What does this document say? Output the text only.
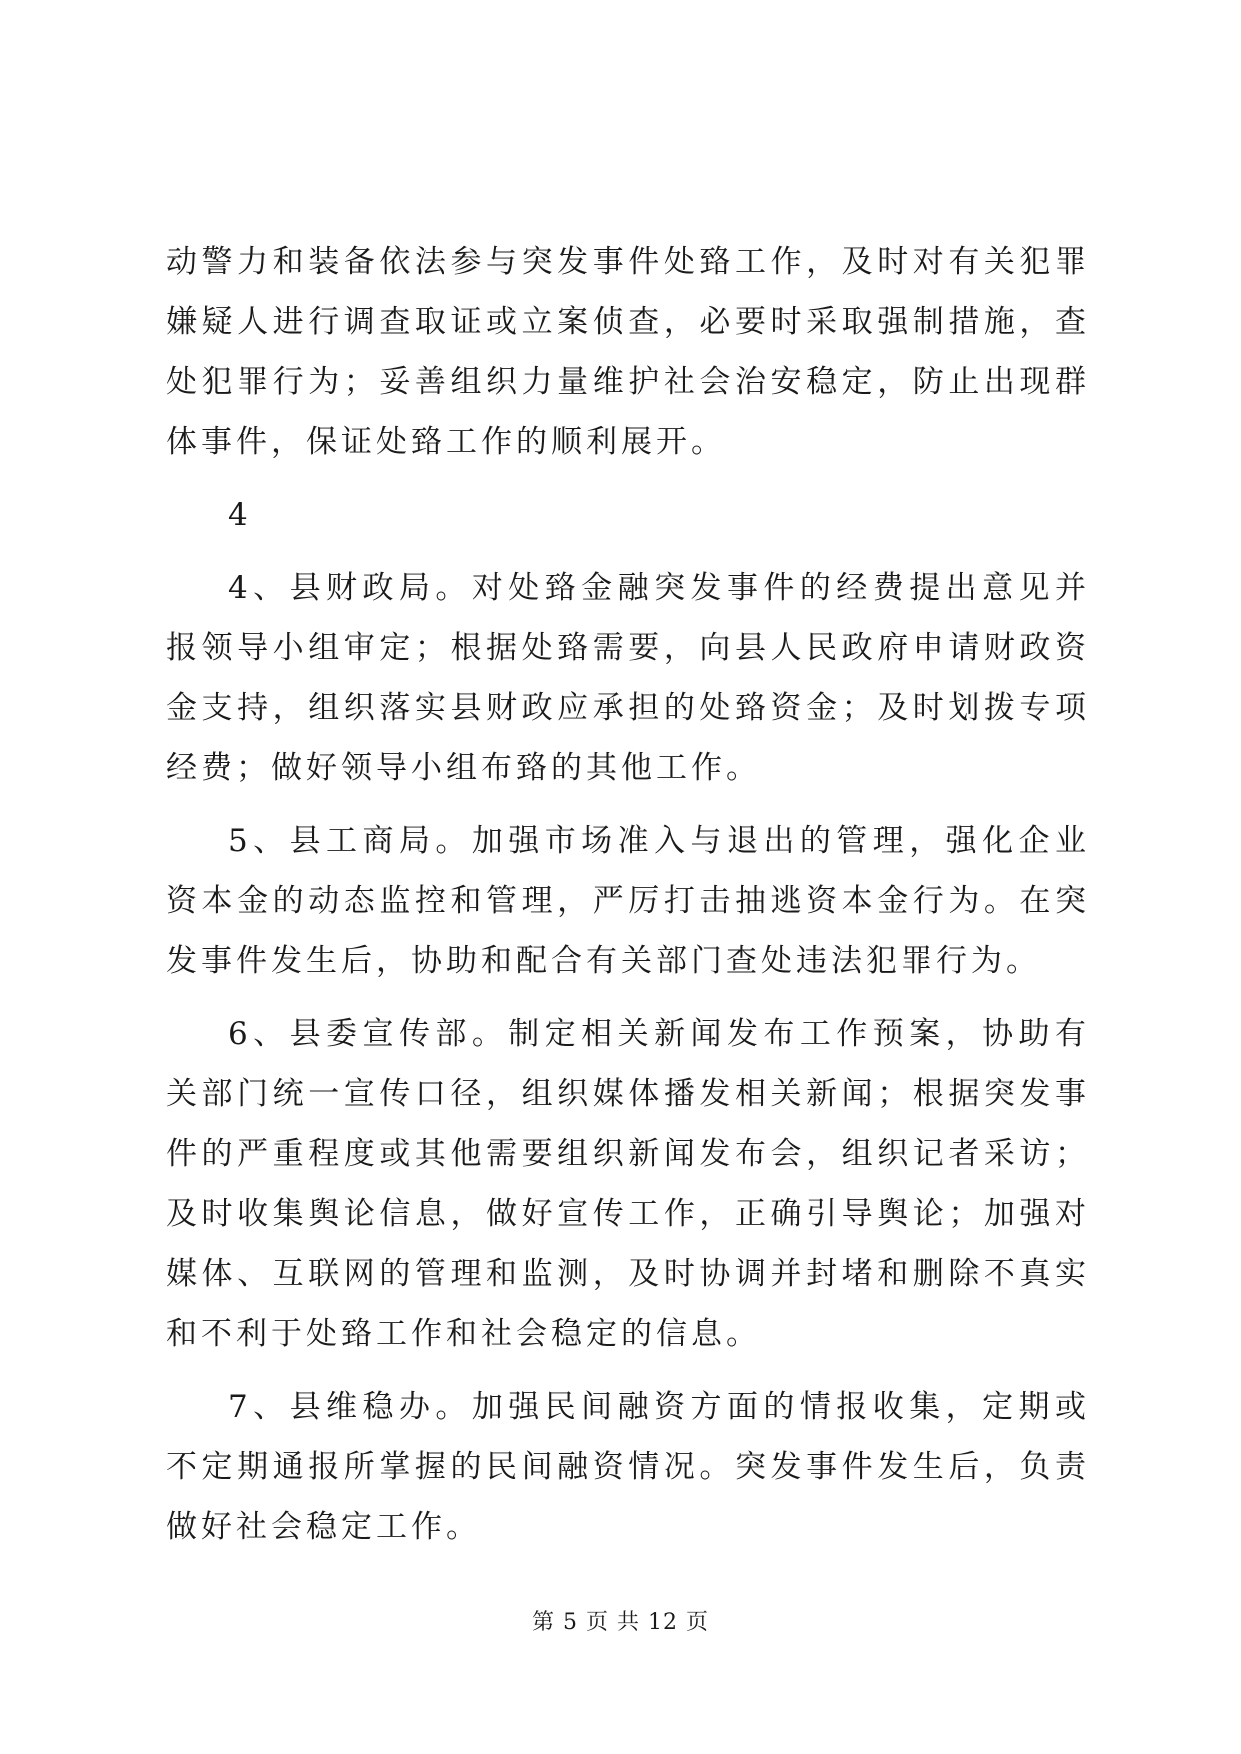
动警力和装备依法参与突发事件处臵工作，及时对有关犯罪嫌疑人进行调查取证或立案侦查，必要时采取强制措施，查处犯罪行为；妥善组织力量维护社会治安稳定，防止出现群体事件，保证处臵工作的顺利展开。

4

4、县财政局。对处臵金融突发事件的经费提出意见并报领导小组审定；根据处臵需要，向县人民政府申请财政资金支持，组织落实县财政应承担的处臵资金；及时划拨专项经费；做好领导小组布臵的其他工作。

5、县工商局。加强市场准入与退出的管理，强化企业资本金的动态监控和管理，严厉打击抽逃资本金行为。在突发事件发生后，协助和配合有关部门查处违法犯罪行为。

6、县委宣传部。制定相关新闻发布工作预案，协助有关部门统一宣传口径，组织媒体播发相关新闻；根据突发事件的严重程度或其他需要组织新闻发布会，组织记者采访；及时收集舆论信息，做好宣传工作，正确引导舆论；加强对媒体、互联网的管理和监测，及时协调并封堵和删除不真实和不利于处臵工作和社会稳定的信息。

7、县维稳办。加强民间融资方面的情报收集，定期或不定期通报所掌握的民间融资情况。突发事件发生后，负责做好社会稳定工作。

第 5 页 共 12 页
